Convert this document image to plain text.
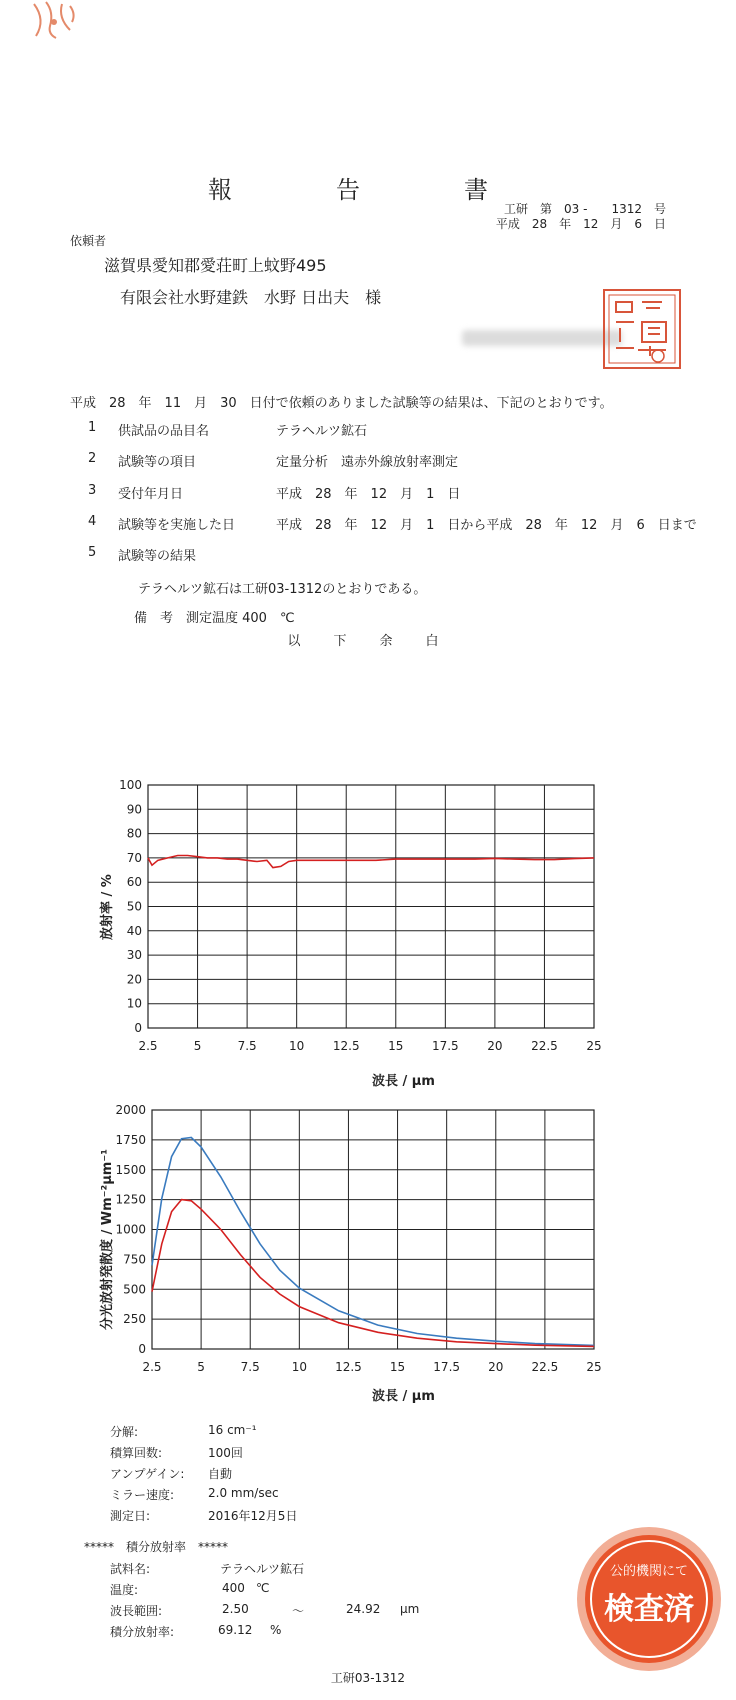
報　告　書
工研　第　03 -　　1312　号
平成　28　年　12　月　6　日
依頼者
滋賀県愛知郡愛荘町上蚊野495
有限会社水野建鉄　水野 日出夫　様
平成　28　年　11　月　30　日付で依頼のありました試験等の結果は、下記のとおりです。
1 供試品の品目名	テラヘルツ鉱石
2 試験等の項目	定量分析　遠赤外線放射率測定
3 受付年月日	平成　28　年　12　月　1　日
4 試験等を実施した日	平成　28　年　12　月　1　日から平成　28　年　12　月　6　日まで
5 試験等の結果
テラヘルツ鉱石は工研03-1312のとおりである。
備　考　測定温度 400　℃
以　下　余　白
2.5	5	7.5	10 12.5 15 17.5 20 22.5 25
0
10
20
30
40
50
60
70
80
90
100
放射率 / %
波長 / µm
2.5	5	7.5	10 12.5 15 17.5 20 22.5 25
0
250
500
750
1000
1250
1500
1750
2000
分光放射発散度 / Wm⁻²µm⁻¹
波長 / µm
分解:	16 cm⁻¹
積算回数:	100回
アンプゲイン: 自動
ミラー速度:	2.0 mm/sec
測定日:	2016年12月5日
*****　積分放射率　*****
試料名:	テラヘルツ鉱石
温度:	400 ℃
波長範囲:	2.50	～	24.92 µm
積分放射率:	69.12 %
公的機関にて
検査済
工研03-1312
